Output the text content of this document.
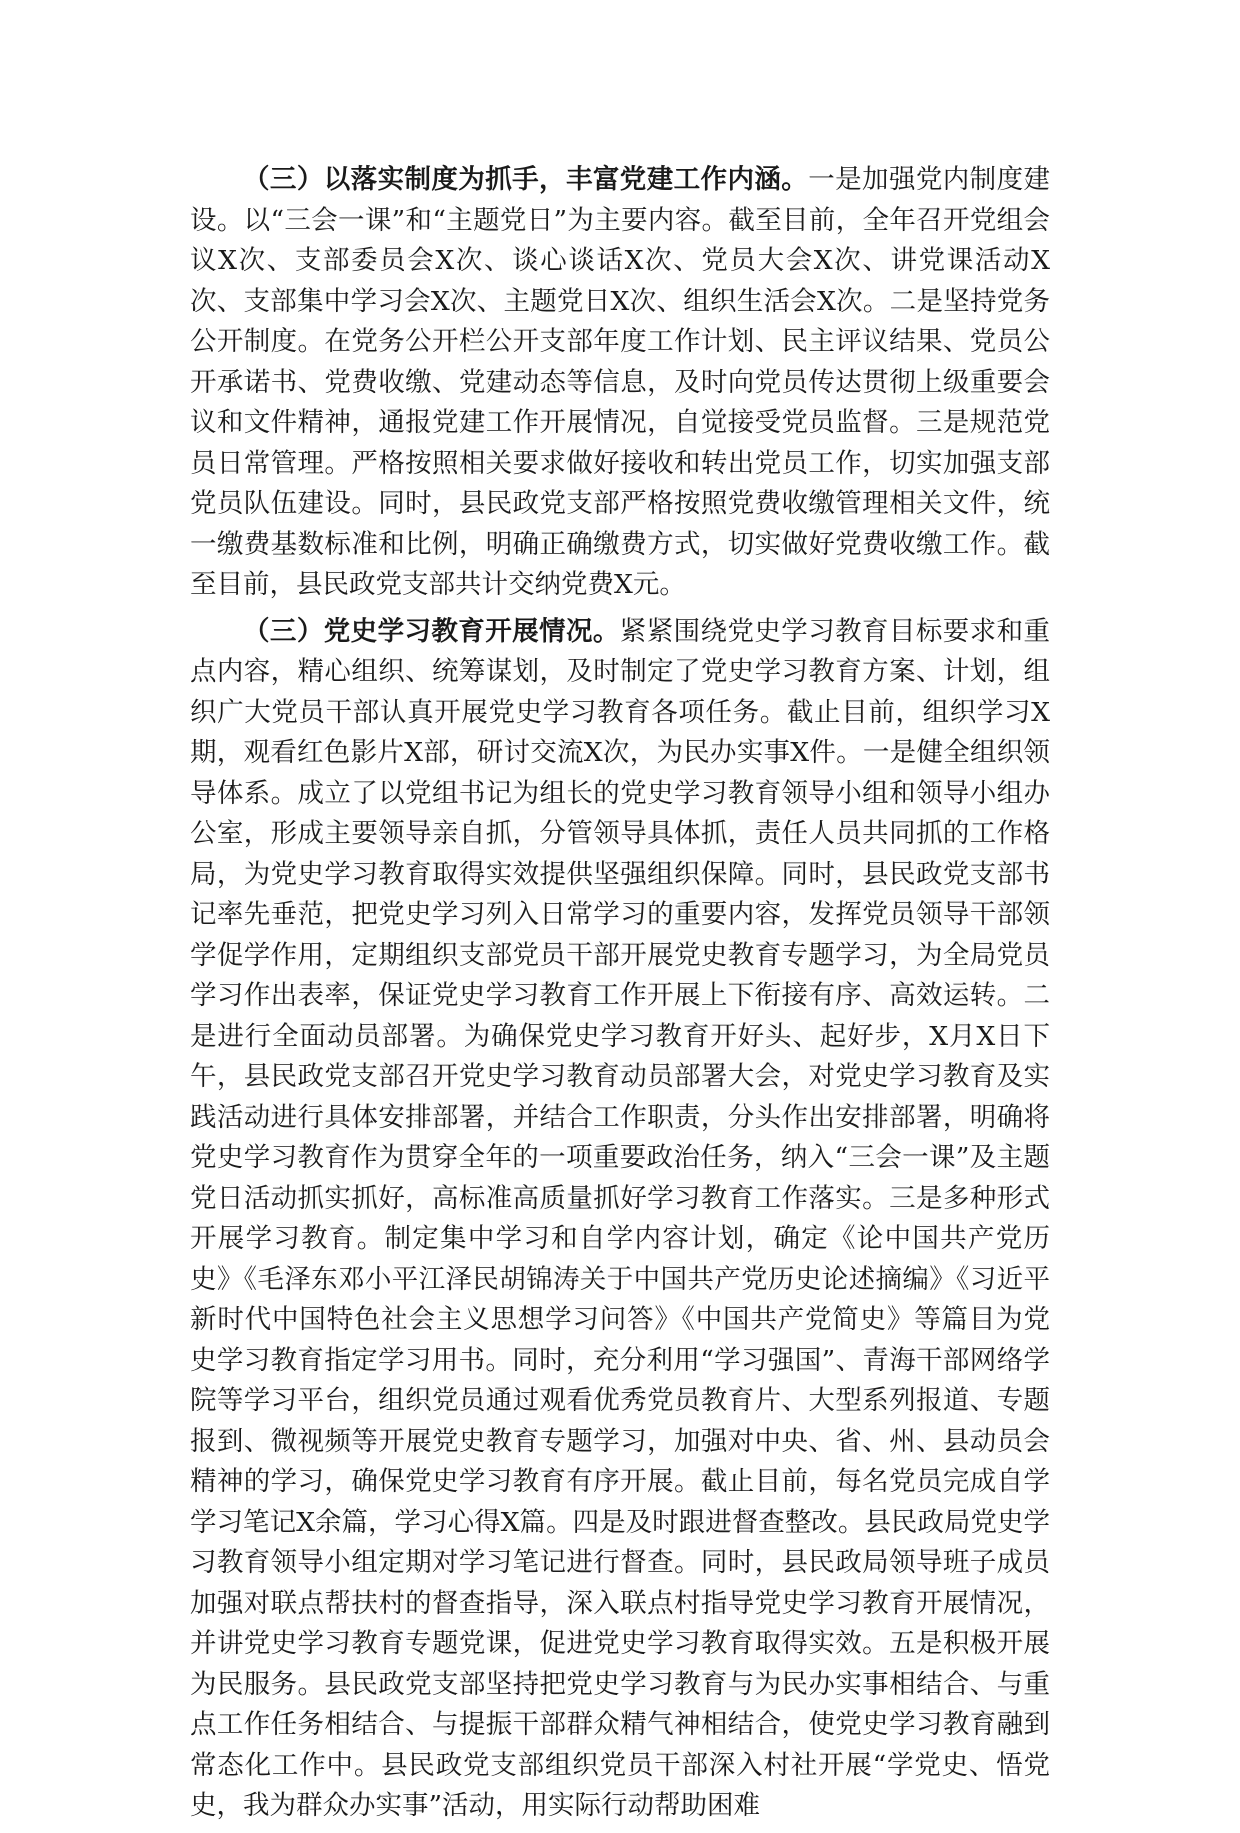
（三）以落实制度为抓手，丰富党建工作内涵。一是加强党内制度建设。以“三会一课”和“主题党日”为主要内容。截至目前，全年召开党组会议X次、支部委员会X次、谈心谈话X次、党员大会X次、讲党课活动X次、支部集中学习会X次、主题党日X次、组织生活会X次。二是坚持党务公开制度。在党务公开栏公开支部年度工作计划、民主评议结果、党员公开承诺书、党费收缴、党建动态等信息，及时向党员传达贯彻上级重要会议和文件精神，通报党建工作开展情况，自觉接受党员监督。三是规范党员日常管理。严格按照相关要求做好接收和转出党员工作，切实加强支部党员队伍建设。同时，县民政党支部严格按照党费收缴管理相关文件，统一缴费基数标准和比例，明确正确缴费方式，切实做好党费收缴工作。截至目前，县民政党支部共计交纳党费X元。

（三）党史学习教育开展情况。紧紧围绕党史学习教育目标要求和重点内容，精心组织、统筹谋划，及时制定了党史学习教育方案、计划，组织广大党员干部认真开展党史学习教育各项任务。截止目前，组织学习X期，观看红色影片X部，研讨交流X次，为民办实事X件。一是健全组织领导体系。成立了以党组书记为组长的党史学习教育领导小组和领导小组办公室，形成主要领导亲自抓，分管领导具体抓，责任人员共同抓的工作格局，为党史学习教育取得实效提供坚强组织保障。同时，县民政党支部书记率先垂范，把党史学习列入日常学习的重要内容，发挥党员领导干部领学促学作用，定期组织支部党员干部开展党史教育专题学习，为全局党员学习作出表率，保证党史学习教育工作开展上下衔接有序、高效运转。二是进行全面动员部署。为确保党史学习教育开好头、起好步，X月X日下午，县民政党支部召开党史学习教育动员部署大会，对党史学习教育及实践活动进行具体安排部署，并结合工作职责，分头作出安排部署，明确将党史学习教育作为贯穿全年的一项重要政治任务，纳入“三会一课”及主题党日活动抓实抓好，高标准高质量抓好学习教育工作落实。三是多种形式开展学习教育。制定集中学习和自学内容计划，确定《论中国共产党历史》《毛泽东邓小平江泽民胡锦涛关于中国共产党历史论述摘编》《习近平新时代中国特色社会主义思想学习问答》《中国共产党简史》等篇目为党史学习教育指定学习用书。同时，充分利用“学习强国”、青海干部网络学院等学习平台，组织党员通过观看优秀党员教育片、大型系列报道、专题报到、微视频等开展党史教育专题学习，加强对中央、省、州、县动员会精神的学习，确保党史学习教育有序开展。截止目前，每名党员完成自学学习笔记X余篇，学习心得X篇。四是及时跟进督查整改。县民政局党史学习教育领导小组定期对学习笔记进行督查。同时，县民政局领导班子成员加强对联点帮扶村的督查指导，深入联点村指导党史学习教育开展情况，并讲党史学习教育专题党课，促进党史学习教育取得实效。五是积极开展为民服务。县民政党支部坚持把党史学习教育与为民办实事相结合、与重点工作任务相结合、与提振干部群众精气神相结合，使党史学习教育融到常态化工作中。县民政党支部组织党员干部深入村社开展“学党史、悟党史，我为群众办实事”活动，用实际行动帮助困难
